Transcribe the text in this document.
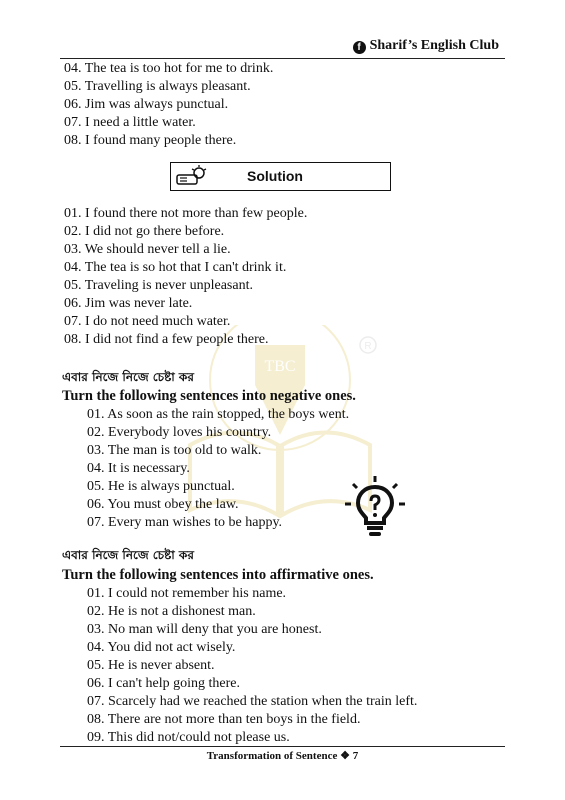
f Sharif’s English Club
TBC
R
04. The tea is too hot for me to drink.
05. Travelling is always pleasant.
06. Jim was always punctual.
07. I need a little water.
08. I found many people there.
Solution
01. I found there not more than few people.
02. I did not go there before.
03. We should never tell a lie.
04. The tea is so hot that I can't drink it.
05. Traveling is never unpleasant.
06. Jim was never late.
07. I do not need much water.
08. I did not find a few people there.
এবার নিজে নিজে চেষ্টা কর
Turn the following sentences into negative ones.
01. As soon as the rain stopped, the boys went.
02. Everybody loves his country.
03. The man is too old to walk.
04. It is necessary.
05. He is always punctual.
06. You must obey the law.
07. Every man wishes to be happy.
এবার নিজে নিজে চেষ্টা কর
Turn the following sentences into affirmative ones.
01. I could not remember his name.
02. He is not a dishonest man.
03. No man will deny that you are honest.
04. You did not act wisely.
05. He is never absent.
06. I can't help going there.
07. Scarcely had we reached the station when the train left.
08. There are not more than ten boys in the field.
09. This did not/could not please us.
Transformation of Sentence ❖ 7
